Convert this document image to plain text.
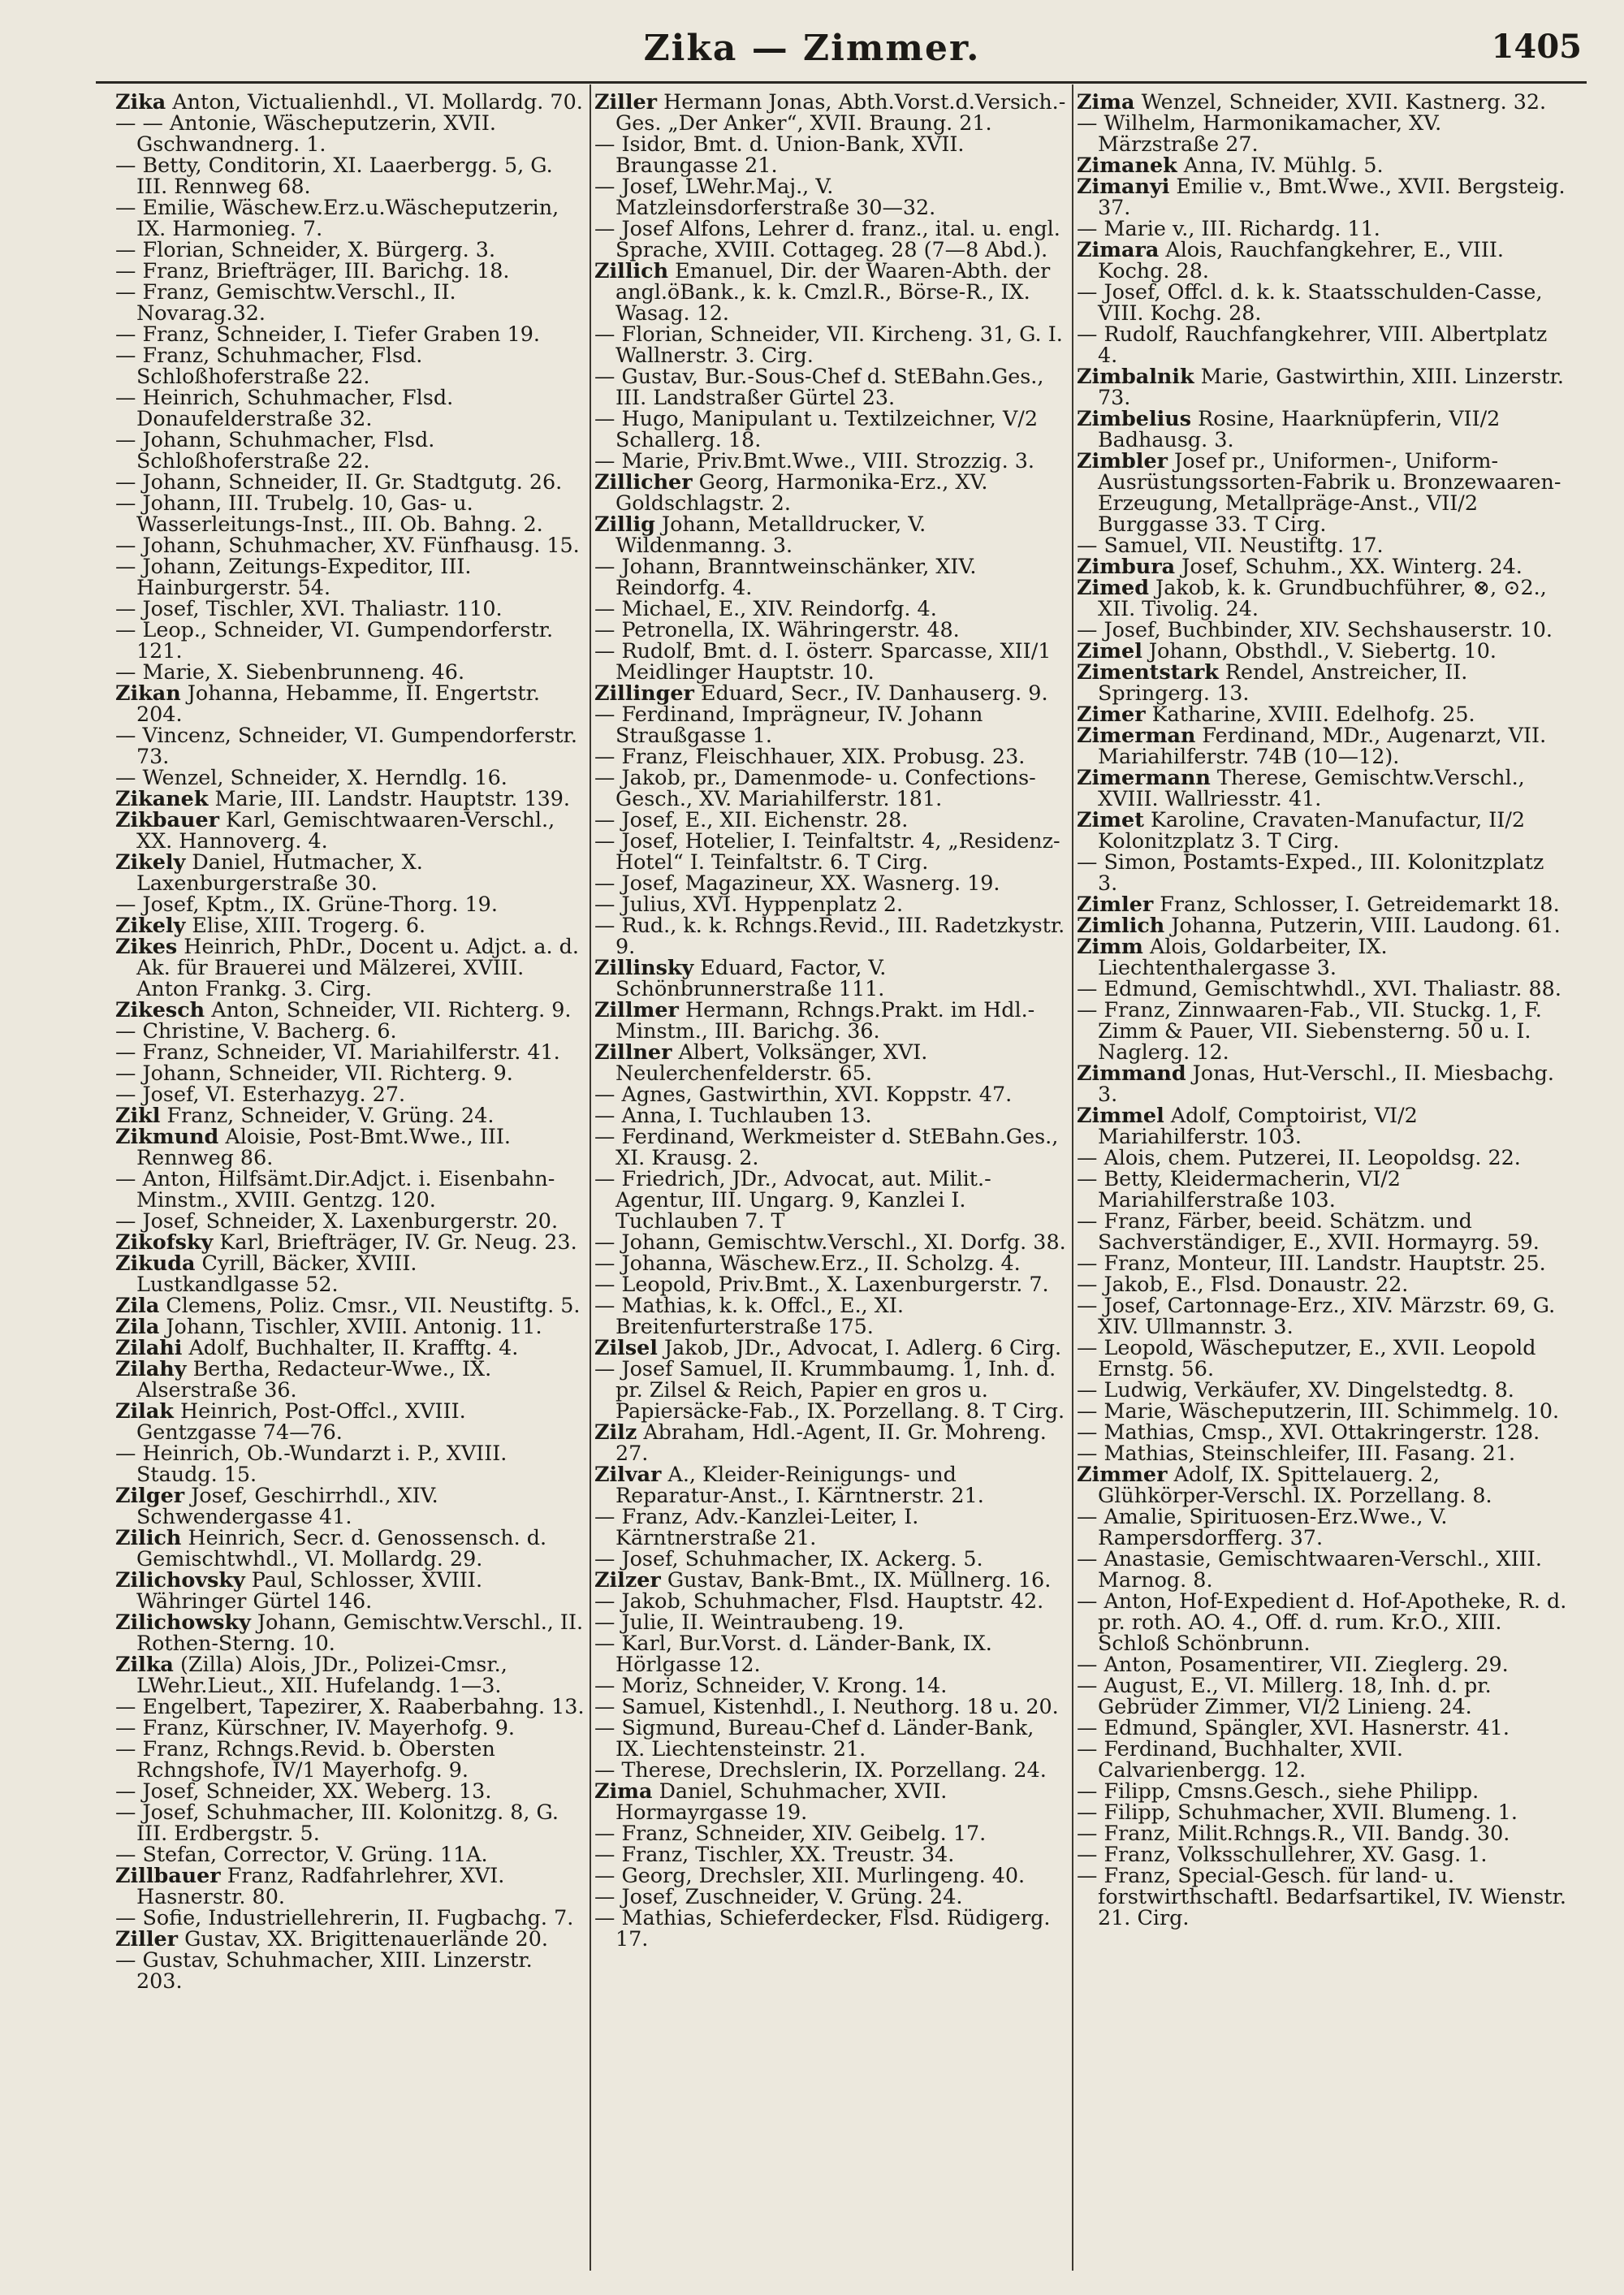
Zika — Zimmer.	1405

Zika Anton, Victualienhdl., VI. Mollardg. 70.

— — Antonie, Wäscheputzerin, XVII. Gschwandnerg. 1.

— Betty, Conditorin, XI. Laaerbergg. 5, G. III. Rennweg 68.

— Emilie, Wäschew.Erz.u.Wäscheputzerin, IX. Harmonieg. 7.

— Florian, Schneider, X. Bürgerg. 3.

— Franz, Briefträger, III. Barichg. 18.

— Franz, Gemischtw.Verschl., II. Novarag.32.

— Franz, Schneider, I. Tiefer Graben 19.

— Franz, Schuhmacher, Flsd. Schloßhoferstraße 22.

— Heinrich, Schuhmacher, Flsd. Donaufelderstraße 32.

— Johann, Schuhmacher, Flsd. Schloßhoferstraße 22.

— Johann, Schneider, II. Gr. Stadtgutg. 26.

— Johann, III. Trubelg. 10, Gas- u. Wasserleitungs-Inst., III. Ob. Bahng. 2.

— Johann, Schuhmacher, XV. Fünfhausg. 15.

— Johann, Zeitungs-Expeditor, III. Hainburgerstr. 54.

— Josef, Tischler, XVI. Thaliastr. 110.

— Leop., Schneider, VI. Gumpendorferstr. 121.

— Marie, X. Siebenbrunneng. 46.

Zikan Johanna, Hebamme, II. Engertstr. 204.

— Vincenz, Schneider, VI. Gumpendorferstr. 73.

— Wenzel, Schneider, X. Herndlg. 16.

Zikanek Marie, III. Landstr. Hauptstr. 139.

Zikbauer Karl, Gemischtwaaren-Verschl., XX. Hannoverg. 4.

Zikely Daniel, Hutmacher, X. Laxenburgerstraße 30.

— Josef, Kptm., IX. Grüne-Thorg. 19.

Zikely Elise, XIII. Trogerg. 6.

Zikes Heinrich, PhDr., Docent u. Adjct. a. d. Ak. für Brauerei und Mälzerei, XVIII. Anton Frankg. 3. Cirg.

Zikesch Anton, Schneider, VII. Richterg. 9.

— Christine, V. Bacherg. 6.

— Franz, Schneider, VI. Mariahilferstr. 41.

— Johann, Schneider, VII. Richterg. 9.

— Josef, VI. Esterhazyg. 27.

Zikl Franz, Schneider, V. Grüng. 24.

Zikmund Aloisie, Post-Bmt.Wwe., III. Rennweg 86.

— Anton, Hilfsämt.Dir.Adjct. i. Eisenbahn-Minstm., XVIII. Gentzg. 120.

— Josef, Schneider, X. Laxenburgerstr. 20.

Zikofsky Karl, Briefträger, IV. Gr. Neug. 23.

Zikuda Cyrill, Bäcker, XVIII. Lustkandlgasse 52.

Zila Clemens, Poliz. Cmsr., VII. Neustiftg. 5.

Zila Johann, Tischler, XVIII. Antonig. 11.

Zilahi Adolf, Buchhalter, II. Krafftg. 4.

Zilahy Bertha, Redacteur-Wwe., IX. Alserstraße 36.

Zilak Heinrich, Post-Offcl., XVIII. Gentzgasse 74—76.

— Heinrich, Ob.-Wundarzt i. P., XVIII. Staudg. 15.

Zilger Josef, Geschirrhdl., XIV. Schwendergasse 41.

Zilich Heinrich, Secr. d. Genossensch. d. Gemischtwhdl., VI. Mollardg. 29.

Zilichovsky Paul, Schlosser, XVIII. Währinger Gürtel 146.

Zilichowsky Johann, Gemischtw.Verschl., II. Rothen-Sterng. 10.

Zilka (Zilla) Alois, JDr., Polizei-Cmsr., LWehr.Lieut., XII. Hufelandg. 1—3.

— Engelbert, Tapezirer, X. Raaberbahng. 13.

— Franz, Kürschner, IV. Mayerhofg. 9.

— Franz, Rchngs.Revid. b. Obersten Rchngshofe, IV/1 Mayerhofg. 9.

— Josef, Schneider, XX. Weberg. 13.

— Josef, Schuhmacher, III. Kolonitzg. 8, G. III. Erdbergstr. 5.

— Stefan, Corrector, V. Grüng. 11A.

Zillbauer Franz, Radfahrlehrer, XVI. Hasnerstr. 80.

— Sofie, Industriellehrerin, II. Fugbachg. 7.

Ziller Gustav, XX. Brigittenauerlände 20.

— Gustav, Schuhmacher, XIII. Linzerstr. 203.

Ziller Hermann Jonas, Abth.Vorst.d.Versich.-Ges. „Der Anker“, XVII. Braung. 21.

— Isidor, Bmt. d. Union-Bank, XVII. Braungasse 21.

— Josef, LWehr.Maj., V. Matzleinsdorferstraße 30—32.

— Josef Alfons, Lehrer d. franz., ital. u. engl. Sprache, XVIII. Cottageg. 28 (7—8 Abd.).

Zillich Emanuel, Dir. der Waaren-Abth. der angl.öBank., k. k. Cmzl.R., Börse-R., IX. Wasag. 12.

— Florian, Schneider, VII. Kircheng. 31, G. I. Wallnerstr. 3. Cirg.

— Gustav, Bur.-Sous-Chef d. StEBahn.Ges., III. Landstraßer Gürtel 23.

— Hugo, Manipulant u. Textilzeichner, V/2 Schallerg. 18.

— Marie, Priv.Bmt.Wwe., VIII. Strozzig. 3.

Zillicher Georg, Harmonika-Erz., XV. Goldschlagstr. 2.

Zillig Johann, Metalldrucker, V. Wildenmanng. 3.

— Johann, Branntweinschänker, XIV. Reindorfg. 4.

— Michael, E., XIV. Reindorfg. 4.

— Petronella, IX. Währingerstr. 48.

— Rudolf, Bmt. d. I. österr. Sparcasse, XII/1 Meidlinger Hauptstr. 10.

Zillinger Eduard, Secr., IV. Danhauserg. 9.

— Ferdinand, Imprägneur, IV. Johann Straußgasse 1.

— Franz, Fleischhauer, XIX. Probusg. 23.

— Jakob, pr., Damenmode- u. Confections-Gesch., XV. Mariahilferstr. 181.

— Josef, E., XII. Eichenstr. 28.

— Josef, Hotelier, I. Teinfaltstr. 4, „Residenz-Hotel“ I. Teinfaltstr. 6. T Cirg.

— Josef, Magazineur, XX. Wasnerg. 19.

— Julius, XVI. Hyppenplatz 2.

— Rud., k. k. Rchngs.Revid., III. Radetzkystr. 9.

Zillinsky Eduard, Factor, V. Schönbrunnerstraße 111.

Zillmer Hermann, Rchngs.Prakt. im Hdl.-Minstm., III. Barichg. 36.

Zillner Albert, Volksänger, XVI. Neulerchenfelderstr. 65.

— Agnes, Gastwirthin, XVI. Koppstr. 47.

— Anna, I. Tuchlauben 13.

— Ferdinand, Werkmeister d. StEBahn.Ges., XI. Krausg. 2.

— Friedrich, JDr., Advocat, aut. Milit.-Agentur, III. Ungarg. 9, Kanzlei I. Tuchlauben 7. T

— Johann, Gemischtw.Verschl., XI. Dorfg. 38.

— Johanna, Wäschew.Erz., II. Scholzg. 4.

— Leopold, Priv.Bmt., X. Laxenburgerstr. 7.

— Mathias, k. k. Offcl., E., XI. Breitenfurterstraße 175.

Zilsel Jakob, JDr., Advocat, I. Adlerg. 6 Cirg.

— Josef Samuel, II. Krummbaumg. 1, Inh. d. pr. Zilsel & Reich, Papier en gros u. Papiersäcke-Fab., IX. Porzellang. 8. T Cirg.

Zilz Abraham, Hdl.-Agent, II. Gr. Mohreng. 27.

Zilvar A., Kleider-Reinigungs- und Reparatur-Anst., I. Kärntnerstr. 21.

— Franz, Adv.-Kanzlei-Leiter, I. Kärntnerstraße 21.

— Josef, Schuhmacher, IX. Ackerg. 5.

Zilzer Gustav, Bank-Bmt., IX. Müllnerg. 16.

— Jakob, Schuhmacher, Flsd. Hauptstr. 42.

— Julie, II. Weintraubeng. 19.

— Karl, Bur.Vorst. d. Länder-Bank, IX. Hörlgasse 12.

— Moriz, Schneider, V. Krong. 14.

— Samuel, Kistenhdl., I. Neuthorg. 18 u. 20.

— Sigmund, Bureau-Chef d. Länder-Bank, IX. Liechtensteinstr. 21.

— Therese, Drechslerin, IX. Porzellang. 24.

Zima Daniel, Schuhmacher, XVII. Hormayrgasse 19.

— Franz, Schneider, XIV. Geibelg. 17.

— Franz, Tischler, XX. Treustr. 34.

— Georg, Drechsler, XII. Murlingeng. 40.

— Josef, Zuschneider, V. Grüng. 24.

— Mathias, Schieferdecker, Flsd. Rüdigerg. 17.

Zima Wenzel, Schneider, XVII. Kastnerg. 32.

— Wilhelm, Harmonikamacher, XV. Märzstraße 27.

Zimanek Anna, IV. Mühlg. 5.

Zimanyi Emilie v., Bmt.Wwe., XVII. Bergsteig. 37.

— Marie v., III. Richardg. 11.

Zimara Alois, Rauchfangkehrer, E., VIII. Kochg. 28.

— Josef, Offcl. d. k. k. Staatsschulden-Casse, VIII. Kochg. 28.

— Rudolf, Rauchfangkehrer, VIII. Albertplatz 4.

Zimbalnik Marie, Gastwirthin, XIII. Linzerstr. 73.

Zimbelius Rosine, Haarknüpferin, VII/2 Badhausg. 3.

Zimbler Josef pr., Uniformen-, Uniform-Ausrüstungssorten-Fabrik u. Bronzewaaren-Erzeugung, Metallpräge-Anst., VII/2 Burggasse 33. T Cirg.

— Samuel, VII. Neustiftg. 17.

Zimbura Josef, Schuhm., XX. Winterg. 24.

Zimed Jakob, k. k. Grundbuchführer, ⊗, ⊙2., XII. Tivolig. 24.

— Josef, Buchbinder, XIV. Sechshauserstr. 10.

Zimel Johann, Obsthdl., V. Siebertg. 10.

Zimentstark Rendel, Anstreicher, II. Springerg. 13.

Zimer Katharine, XVIII. Edelhofg. 25.

Zimerman Ferdinand, MDr., Augenarzt, VII. Mariahilferstr. 74B (10—12).

Zimermann Therese, Gemischtw.Verschl., XVIII. Wallriesstr. 41.

Zimet Karoline, Cravaten-Manufactur, II/2 Kolonitzplatz 3. T Cirg.

— Simon, Postamts-Exped., III. Kolonitzplatz 3.

Zimler Franz, Schlosser, I. Getreidemarkt 18.

Zimlich Johanna, Putzerin, VIII. Laudong. 61.

Zimm Alois, Goldarbeiter, IX. Liechtenthalergasse 3.

— Edmund, Gemischtwhdl., XVI. Thaliastr. 88.

— Franz, Zinnwaaren-Fab., VII. Stuckg. 1, F. Zimm & Pauer, VII. Siebensterng. 50 u. I. Naglerg. 12.

Zimmand Jonas, Hut-Verschl., II. Miesbachg. 3.

Zimmel Adolf, Comptoirist, VI/2 Mariahilferstr. 103.

— Alois, chem. Putzerei, II. Leopoldsg. 22.

— Betty, Kleidermacherin, VI/2 Mariahilferstraße 103.

— Franz, Färber, beeid. Schätzm. und Sachverständiger, E., XVII. Hormayrg. 59.

— Franz, Monteur, III. Landstr. Hauptstr. 25.

— Jakob, E., Flsd. Donaustr. 22.

— Josef, Cartonnage-Erz., XIV. Märzstr. 69, G. XIV. Ullmannstr. 3.

— Leopold, Wäscheputzer, E., XVII. Leopold Ernstg. 56.

— Ludwig, Verkäufer, XV. Dingelstedtg. 8.

— Marie, Wäscheputzerin, III. Schimmelg. 10.

— Mathias, Cmsp., XVI. Ottakringerstr. 128.

— Mathias, Steinschleifer, III. Fasang. 21.

Zimmer Adolf, IX. Spittelauerg. 2, Glühkörper-Verschl. IX. Porzellang. 8.

— Amalie, Spirituosen-Erz.Wwe., V. Rampersdorfferg. 37.

— Anastasie, Gemischtwaaren-Verschl., XIII. Marnog. 8.

— Anton, Hof-Expedient d. Hof-Apotheke, R. d. pr. roth. AO. 4., Off. d. rum. Kr.O., XIII. Schloß Schönbrunn.

— Anton, Posamentirer, VII. Zieglerg. 29.

— August, E., VI. Millerg. 18, Inh. d. pr. Gebrüder Zimmer, VI/2 Linieng. 24.

— Edmund, Spängler, XVI. Hasnerstr. 41.

— Ferdinand, Buchhalter, XVII. Calvarienbergg. 12.

— Filipp, Cmsns.Gesch., siehe Philipp.

— Filipp, Schuhmacher, XVII. Blumeng. 1.

— Franz, Milit.Rchngs.R., VII. Bandg. 30.

— Franz, Volksschullehrer, XV. Gasg. 1.

— Franz, Special-Gesch. für land- u. forstwirthschaftl. Bedarfsartikel, IV. Wienstr. 21. Cirg.
